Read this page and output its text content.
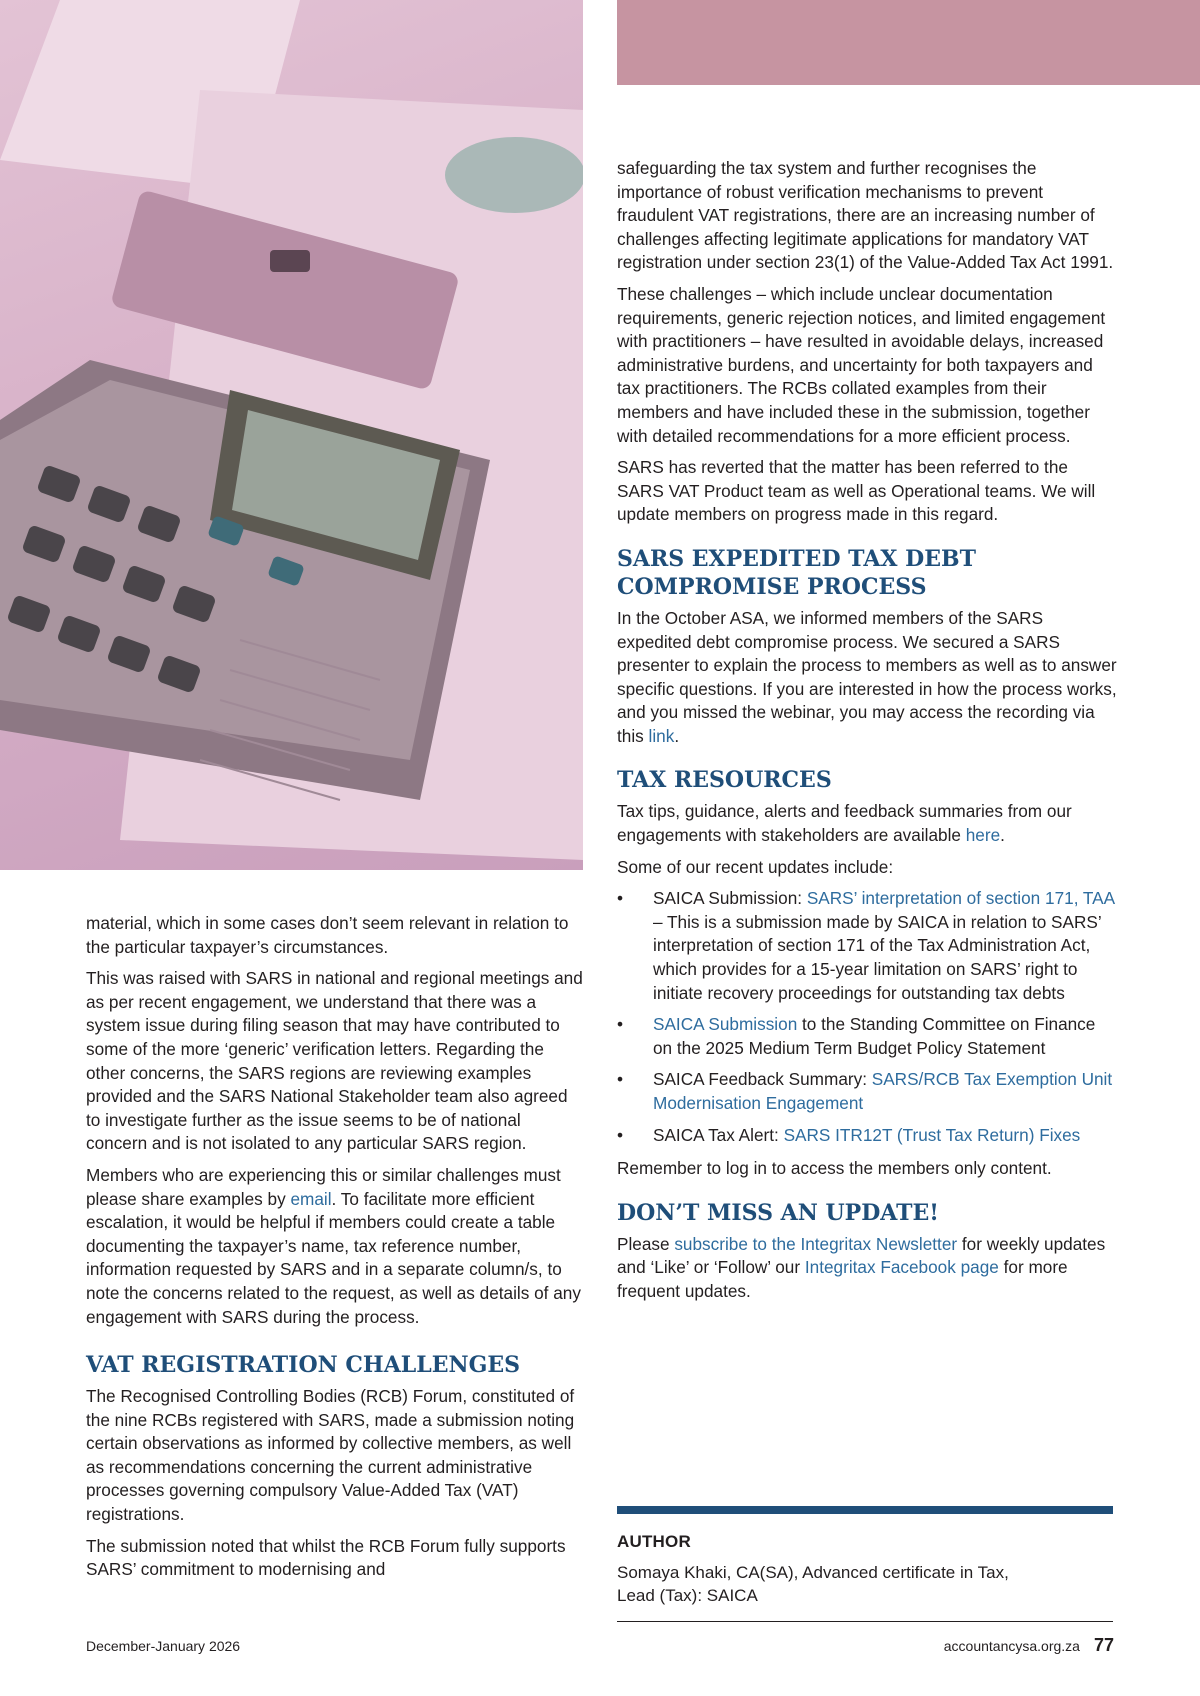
material, which in some cases don’t seem relevant in relation to the particular taxpayer’s circumstances.

This was raised with SARS in national and regional meetings and as per recent engagement, we understand that there was a system issue during filing season that may have contributed to some of the more ‘generic’ verification letters. Regarding the other concerns, the SARS regions are reviewing examples provided and the SARS National Stakeholder team also agreed to investigate further as the issue seems to be of national concern and is not isolated to any particular SARS region.

Members who are experiencing this or similar challenges must please share examples by email. To facilitate more efficient escalation, it would be helpful if members could create a table documenting the taxpayer’s name, tax reference number, information requested by SARS and in a separate column/s, to note the concerns related to the request, as well as details of any engagement with SARS during the process.

VAT REGISTRATION CHALLENGES

The Recognised Controlling Bodies (RCB) Forum, constituted of the nine RCBs registered with SARS, made a submission noting certain observations as informed by collective members, as well as recommendations concerning the current administrative processes governing compulsory Value-Added Tax (VAT) registrations.

The submission noted that whilst the RCB Forum fully supports SARS’ commitment to modernising and

safeguarding the tax system and further recognises the importance of robust verification mechanisms to prevent fraudulent VAT registrations, there are an increasing number of challenges affecting legitimate applications for mandatory VAT registration under section 23(1) of the Value-Added Tax Act 1991.

These challenges – which include unclear documentation requirements, generic rejection notices, and limited engagement with practitioners – have resulted in avoidable delays, increased administrative burdens, and uncertainty for both taxpayers and tax practitioners. The RCBs collated examples from their members and have included these in the submission, together with detailed recommendations for a more efficient process.

SARS has reverted that the matter has been referred to the SARS VAT Product team as well as Operational teams. We will update members on progress made in this regard.

SARS EXPEDITED TAX DEBT COMPROMISE PROCESS

In the October ASA, we informed members of the SARS expedited debt compromise process. We secured a SARS presenter to explain the process to members as well as to answer specific questions. If you are interested in how the process works, and you missed the webinar, you may access the recording via this link.

TAX RESOURCES

Tax tips, guidance, alerts and feedback summaries from our engagements with stakeholders are available here.

Some of our recent updates include:

• SAICA Submission: SARS’ interpretation of section 171, TAA – This is a submission made by SAICA in relation to SARS’ interpretation of section 171 of the Tax Administration Act, which provides for a 15-year limitation on SARS’ right to initiate recovery proceedings for outstanding tax debts
• SAICA Submission to the Standing Committee on Finance on the 2025 Medium Term Budget Policy Statement
• SAICA Feedback Summary: SARS/RCB Tax Exemption Unit Modernisation Engagement
• SAICA Tax Alert: SARS ITR12T (Trust Tax Return) Fixes

Remember to log in to access the members only content.

DON’T MISS AN UPDATE!

Please subscribe to the Integritax Newsletter for weekly updates and ‘Like’ or ‘Follow’ our Integritax Facebook page for more frequent updates.

AUTHOR
Somaya Khaki, CA(SA), Advanced certificate in Tax,
Lead (Tax): SAICA
December-January 2026	accountancysa.org.za 77
